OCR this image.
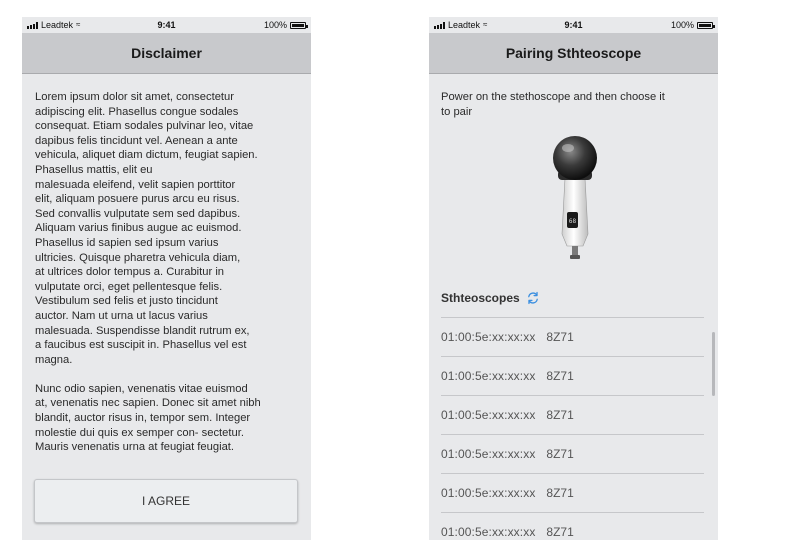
Leadtek ≈	9:41	100%
Disclaimer

Lorem ipsum dolor sit amet, consectetur
adipiscing elit. Phasellus congue sodales
consequat. Etiam sodales pulvinar leo, vitae
dapibus felis tincidunt vel. Aenean a ante
vehicula, aliquet diam dictum, feugiat sapien.
Phasellus mattis, elit eu
malesuada eleifend, velit sapien porttitor
elit, aliquam posuere purus arcu eu risus.
Sed convallis vulputate sem sed dapibus.
Aliquam varius finibus augue ac euismod.
Phasellus id sapien sed ipsum varius
ultricies. Quisque pharetra vehicula diam,
at ultrices dolor tempus a. Curabitur in
vulputate orci, eget pellentesque felis.
Vestibulum sed felis et justo tincidunt
auctor. Nam ut urna ut lacus varius
malesuada. Suspendisse blandit rutrum ex,
a faucibus est suscipit in. Phasellus vel est
magna.

Nunc odio sapien, venenatis vitae euismod
at, venenatis nec sapien. Donec sit amet nibh
blandit, auctor risus in, tempor sem. Integer
molestie dui quis ex semper con- sectetur.
Mauris venenatis urna at feugiat feugiat.

I AGREE
Leadtek ≈	9:41	100%
Pairing Sthteoscope
Power on the stethoscope and then choose it
to pair
68
Sthteoscopes
01:00:5e:xx:xx:xx 8Z71
01:00:5e:xx:xx:xx 8Z71
01:00:5e:xx:xx:xx 8Z71
01:00:5e:xx:xx:xx 8Z71
01:00:5e:xx:xx:xx 8Z71
01:00:5e:xx:xx:xx 8Z71
